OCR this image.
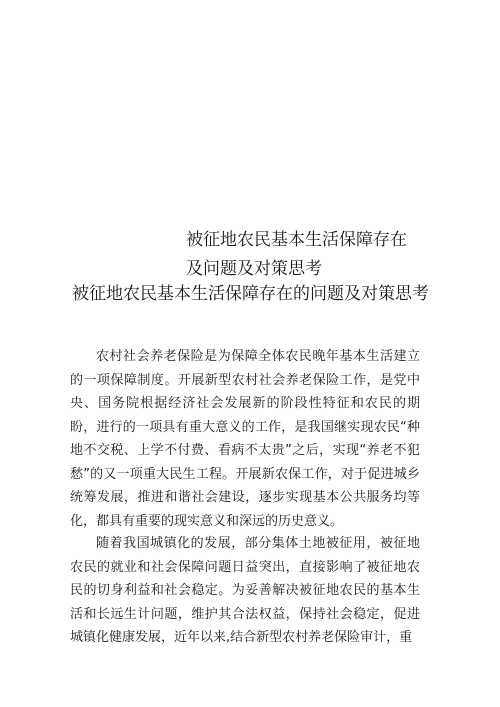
被征地农民基本生活保障存在
及问题及对策思考
被征地农民基本生活保障存在的问题及对策思考

农村社会养老保险是为保障全体农民晚年基本生活建立的一项保障制度。开展新型农村社会养老保险工作，是党中央、国务院根据经济社会发展新的阶段性特征和农民的期盼，进行的一项具有重大意义的工作，是我国继实现农民“种地不交税、上学不付费、看病不太贵”之后，实现“养老不犯愁”的又一项重大民生工程。开展新农保工作，对于促进城乡统筹发展，推进和谐社会建设，逐步实现基本公共服务均等化，都具有重要的现实意义和深远的历史意义。

随着我国城镇化的发展，部分集体土地被征用，被征地农民的就业和社会保障问题日益突出，直接影响了被征地农民的切身利益和社会稳定。为妥善解决被征地农民的基本生活和长远生计问题，维护其合法权益，保持社会稳定，促进城镇化健康发展，近年以来,结合新型农村养老保险审计，重
